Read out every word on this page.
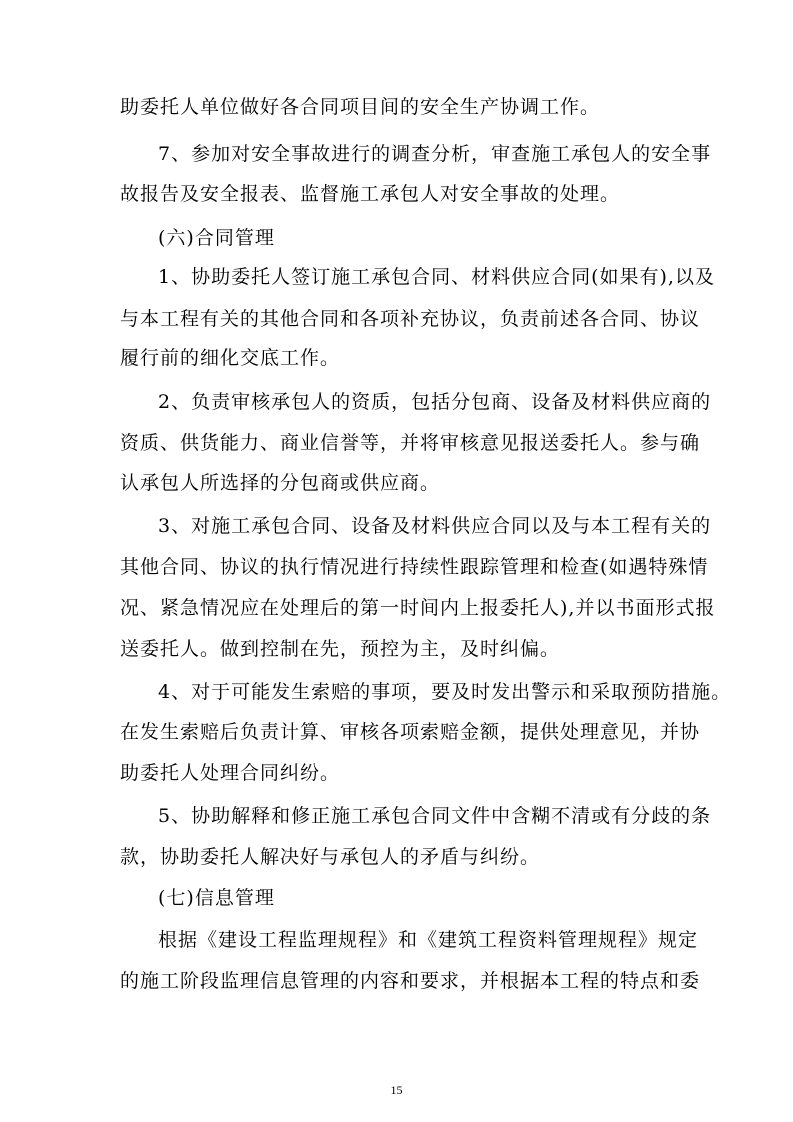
助委托人单位做好各合同项目间的安全生产协调工作。
7、参加对安全事故进行的调查分析，审查施工承包人的安全事
故报告及安全报表、监督施工承包人对安全事故的处理。
(六)合同管理
1、协助委托人签订施工承包合同、材料供应合同(如果有),以及
与本工程有关的其他合同和各项补充协议，负责前述各合同、协议
履行前的细化交底工作。
2、负责审核承包人的资质，包括分包商、设备及材料供应商的
资质、供货能力、商业信誉等，并将审核意见报送委托人。参与确
认承包人所选择的分包商或供应商。
3、对施工承包合同、设备及材料供应合同以及与本工程有关的
其他合同、协议的执行情况进行持续性跟踪管理和检查(如遇特殊情
况、紧急情况应在处理后的第一时间内上报委托人),并以书面形式报
送委托人。做到控制在先，预控为主，及时纠偏。
4、对于可能发生索赔的事项，要及时发出警示和采取预防措施。
在发生索赔后负责计算、审核各项索赔金额，提供处理意见，并协
助委托人处理合同纠纷。
5、协助解释和修正施工承包合同文件中含糊不清或有分歧的条
款，协助委托人解决好与承包人的矛盾与纠纷。
(七)信息管理
根据《建设工程监理规程》和《建筑工程资料管理规程》规定
的施工阶段监理信息管理的内容和要求，并根据本工程的特点和委
15
